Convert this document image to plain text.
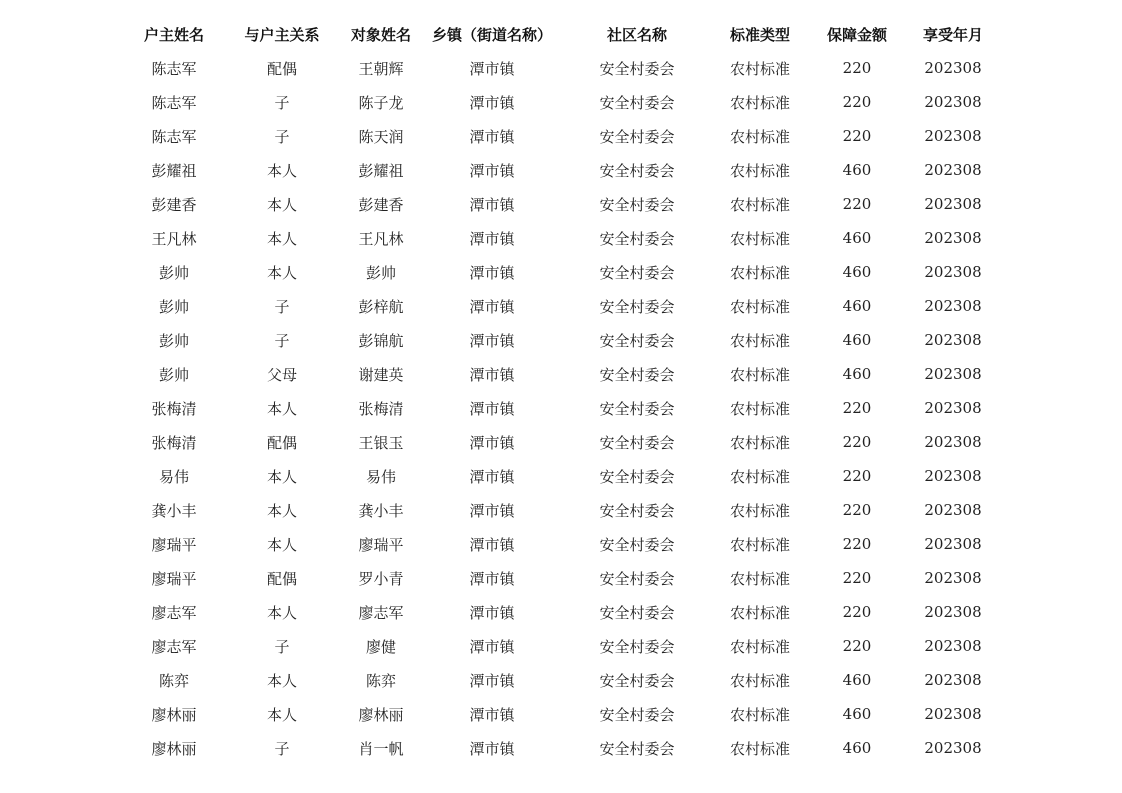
户主姓名	与户主关系	对象姓名	乡镇（街道名称）	社区名称	标准类型	保障金额	享受年月
陈志军	配偶	王朝辉	潭市镇	安全村委会	农村标准	220	202308
陈志军	子	陈子龙	潭市镇	安全村委会	农村标准	220	202308
陈志军	子	陈天润	潭市镇	安全村委会	农村标准	220	202308
彭耀祖	本人	彭耀祖	潭市镇	安全村委会	农村标准	460	202308
彭建香	本人	彭建香	潭市镇	安全村委会	农村标准	220	202308
王凡林	本人	王凡林	潭市镇	安全村委会	农村标准	460	202308
彭帅	本人	彭帅	潭市镇	安全村委会	农村标准	460	202308
彭帅	子	彭梓航	潭市镇	安全村委会	农村标准	460	202308
彭帅	子	彭锦航	潭市镇	安全村委会	农村标准	460	202308
彭帅	父母	谢建英	潭市镇	安全村委会	农村标准	460	202308
张梅清	本人	张梅清	潭市镇	安全村委会	农村标准	220	202308
张梅清	配偶	王银玉	潭市镇	安全村委会	农村标准	220	202308
易伟	本人	易伟	潭市镇	安全村委会	农村标准	220	202308
龚小丰	本人	龚小丰	潭市镇	安全村委会	农村标准	220	202308
廖瑞平	本人	廖瑞平	潭市镇	安全村委会	农村标准	220	202308
廖瑞平	配偶	罗小青	潭市镇	安全村委会	农村标准	220	202308
廖志军	本人	廖志军	潭市镇	安全村委会	农村标准	220	202308
廖志军	子	廖健	潭市镇	安全村委会	农村标准	220	202308
陈弈	本人	陈弈	潭市镇	安全村委会	农村标准	460	202308
廖林丽	本人	廖林丽	潭市镇	安全村委会	农村标准	460	202308
廖林丽	子	肖一帆	潭市镇	安全村委会	农村标准	460	202308
